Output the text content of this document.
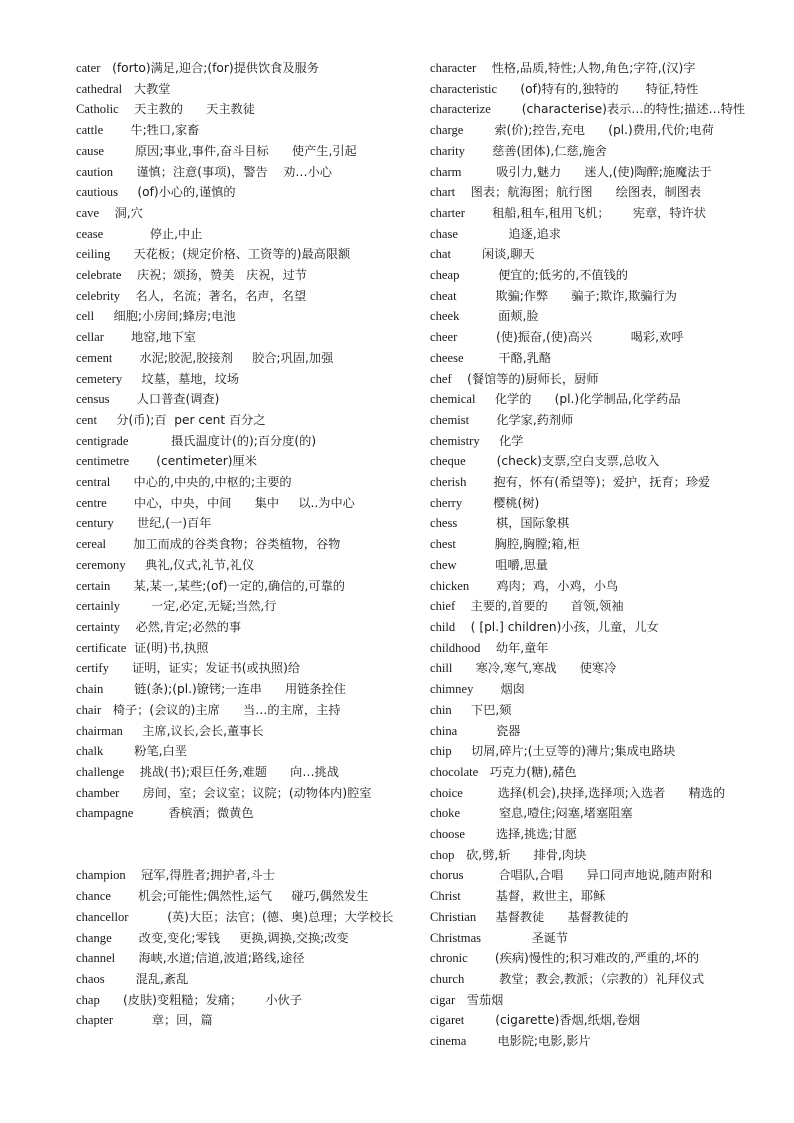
cater   (forto)满足,迎合;(for)提供饮食及服务

cathedral   大教堂

Catholic    天主教的      天主教徒

cattle       牛;牲口,家畜

cause        原因;事业,事件,奋斗目标      使产生,引起

caution      谨慎；注意(事项)，警告    劝…小心

cautious     (of)小心的,谨慎的

cave    洞,穴

cease            停止,中止

ceiling      天花板；(规定价格、工资等的)最高限额

celebrate    庆祝；颂扬，赞美   庆祝，过节

celebrity    名人，名流；著名，名声，名望

cell     细胞;小房间;蜂房;电池

cellar       地窑,地下室

cement       水泥;胶泥,胶接剂     胶合;巩固,加强

cemetery     坟墓，墓地，坟场

census       人口普查(调查)

cent     分(币);百  per cent 百分之

centigrade           摄氏温度计(的);百分度(的)

centimetre       (centimeter)厘米

central      中心的,中央的,中枢的;主要的

centre       中心，中央，中间      集中     以..为中心

century      世纪,(一)百年

cereal       加工而成的谷类食物；谷类植物，谷物

ceremony     典礼,仪式,礼节,礼仪

certain      某,某一,某些;(of)一定的,确信的,可靠的

certainly        一定,必定,无疑;当然,行

certainty    必然,肯定;必然的事

certificate  证(明)书,执照

certify      证明，证实；发证书(或执照)给

chain        链(条);(pl.)镣铐;一连串      用链条拴住

chair   椅子；(会议的)主席      当…的主席，主持

chairman     主席,议长,会长,董事长

chalk        粉笔,白垩

challenge    挑战(书);艰巨任务,难题      向…挑战

chamber      房间，室；会议室；议院；(动物体内)腔室

champagne         香槟酒；微黄色

champion    冠军,得胜者;拥护者,斗士

chance       机会;可能性;偶然性,运气     碰巧,偶然发生

chancellor          (英)大臣；法官；(德、奥)总理；大学校长

change       改变,变化;零钱     更换,调换,交换;改变

channel      海峡,水道;信道,波道;路线,途径

chaos        混乱,紊乱

chap      (皮肤)变粗糙；发痛；      小伙子

chapter          章；回，篇

character    性格,品质,特性;人物,角色;字符,(汉)字

characteristic      (of)特有的,独特的       特征,特性

characterize        (characterise)表示…的特性;描述…特性

charge        索(价);控告,充电      (pl.)费用,代价;电荷

charity       慈善(团体),仁慈,施舍

charm         吸引力,魅力      迷人,(使)陶醉;施魔法于

chart    图表；航海图；航行图      绘图表，制图表

charter       租船,租车,租用飞机；      宪章，特许状

chase             追逐,追求

chat        闲谈,聊天

cheap          便宜的;低劣的,不值钱的

cheat          欺骗;作弊      骗子;欺诈,欺骗行为

cheek          面颊,脸

cheer          (使)振奋,(使)高兴          喝彩,欢呼

cheese         干酪,乳酪

chef    (餐馆等的)厨师长，厨师

chemical     化学的      (pl.)化学制品,化学药品

chemist       化学家,药剂师

chemistry     化学

cheque        (check)支票,空白支票,总收入

cherish       抱有，怀有(希望等)；爱护，抚育；珍爱

cherry        樱桃(树)

chess          棋，国际象棋

chest          胸腔,胸膛;箱,柜

chew          咀嚼,思量

chicken       鸡肉；鸡，小鸡，小鸟

chief    主要的,首要的      首领,领袖

child    ( [pl.] children)小孩，儿童，儿女

childhood    幼年,童年

chill      寒冷,寒气,寒战      使寒冷

chimney       烟囱

chin     下巴,颏

china          瓷器

chip     切屑,碎片;(土豆等的)薄片;集成电路块

chocolate   巧克力(糖),赭色

choice         选择(机会),抉择,选择项;入选者      精选的

choke          窒息,噎住;闷塞,堵塞阻塞

choose        选择,挑选;甘愿

chop   砍,劈,斩      排骨,肉块

chorus         合唱队,合唱      异口同声地说,随声附和

Christ         基督，救世主，耶稣

Christian     基督教徒      基督教徒的

Christmas             圣诞节

chronic       (疾病)慢性的;积习难改的,严重的,坏的

church         教堂；教会,教派；（宗教的）礼拜仪式

cigar   雪茄烟

cigaret        (cigarette)香烟,纸烟,卷烟

cinema        电影院;电影,影片
